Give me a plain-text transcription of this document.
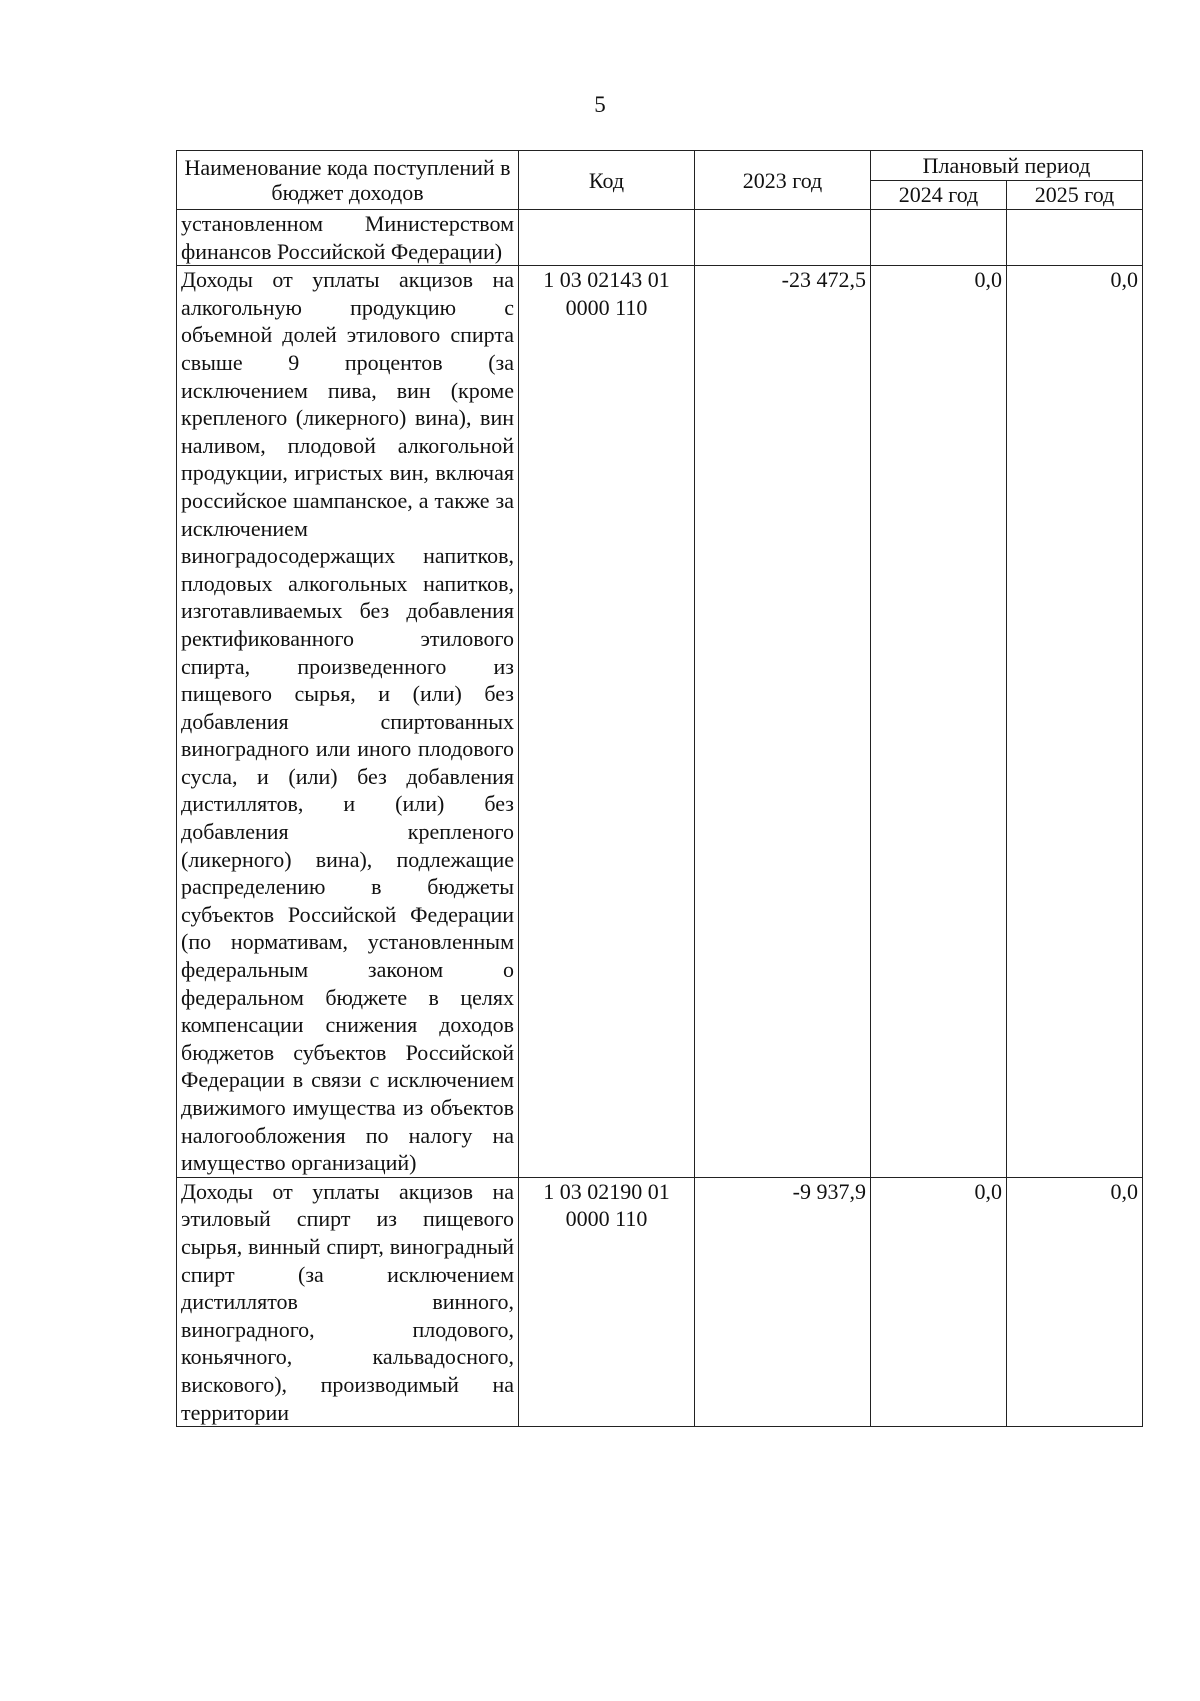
5
Наименование кода поступлений в бюджет доходов	Код	2023 год	Плановый период	
			2024 год	2025 год
установленном Министерством финансов Российской Федерации)				
Доходы от уплаты акцизов на алкогольную продукцию с объемной долей этилового спирта свыше 9 процентов (за исключением пива, вин (кроме крепленого (ликерного) вина), вин наливом, плодовой алкогольной продукции, игристых вин, включая российское шампанское, а также за исключением виноградосодержащих напитков, плодовых алкогольных напитков, изготавливаемых без добавления ректификованного этилового спирта, произведенного из пищевого сырья, и (или) без добавления спиртованных виноградного или иного плодового сусла, и (или) без добавления дистиллятов, и (или) без добавления крепленого (ликерного) вина), подлежащие распределению в бюджеты субъектов Российской Федерации (по нормативам, установленным федеральным законом о федеральном бюджете в целях компенсации снижения доходов бюджетов субъектов Российской Федерации в связи с исключением движимого имущества из объектов налогообложения по налогу на имущество организаций)	1 03 02143 01 0000 110	-23 472,5	0,0	0,0
Доходы от уплаты акцизов на этиловый спирт из пищевого сырья, винный спирт, виноградный спирт (за исключением дистиллятов винного, виноградного, плодового, коньячного, кальвадосного, вискового), производимый на территории	1 03 02190 01 0000 110	-9 937,9	0,0	0,0
